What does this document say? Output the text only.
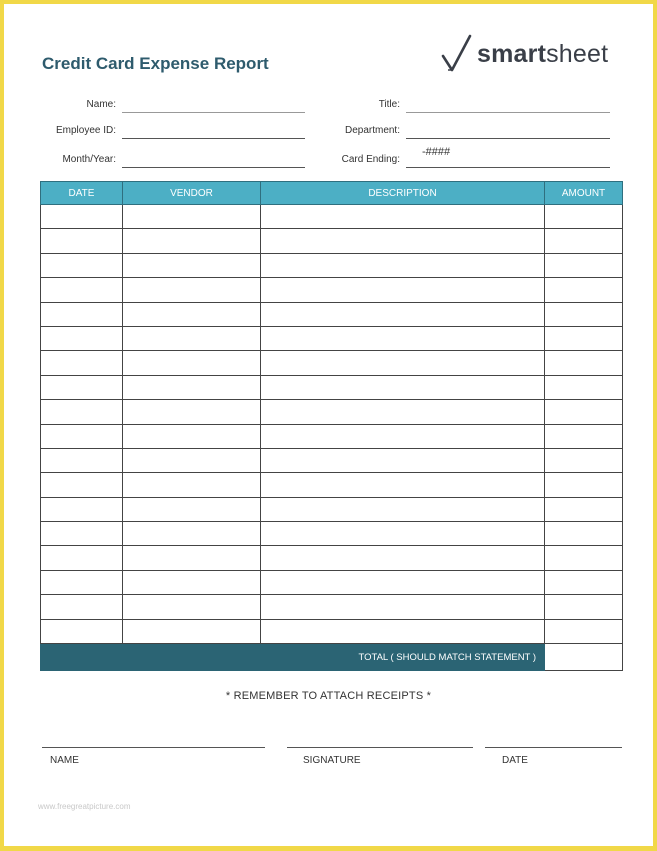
Credit Card Expense Report	smartsheet
Name:
Employee ID:
Month/Year:
Title:
Department:
Card Ending:
-####
DATE	VENDOR	DESCRIPTION	AMOUNT

TOTAL ( SHOULD MATCH STATEMENT )			
* REMEMBER TO ATTACH RECEIPTS *
NAME	SIGNATURE	DATE
www.freegreatpicture.com
